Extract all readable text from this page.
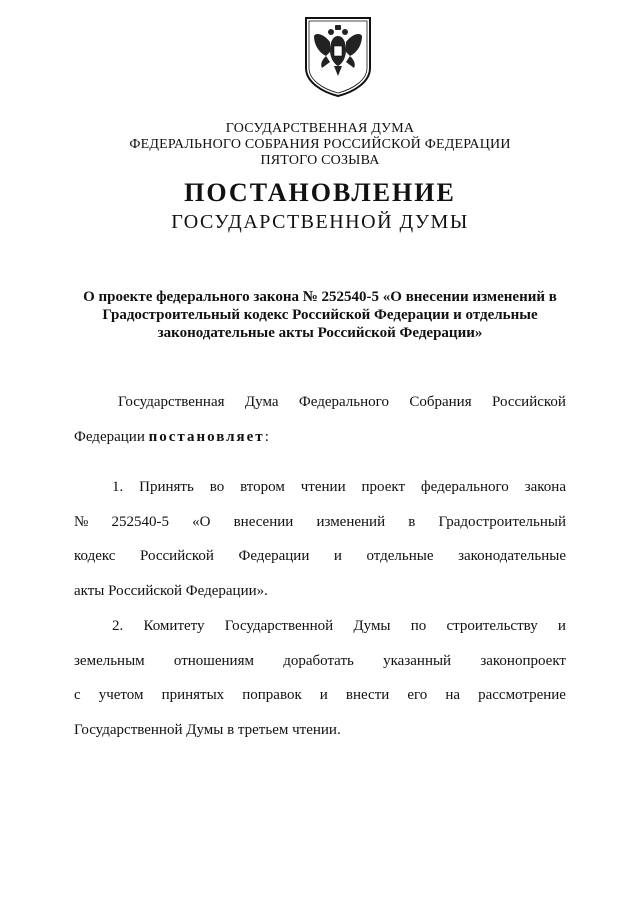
ГОСУДАРСТВЕННАЯ ДУМА
ФЕДЕРАЛЬНОГО СОБРАНИЯ РОССИЙСКОЙ ФЕДЕРАЦИИ
ПЯТОГО СОЗЫВА
ПОСТАНОВЛЕНИЕ
ГОСУДАРСТВЕННОЙ ДУМЫ
О проекте федерального закона № 252540-5 «О внесении изменений в
Градостроительный кодекс Российской Федерации и отдельные
законодательные акты Российской Федерации»
Государственная Дума Федерального Собрания Российской
Федерации постановляет:
1. Принять во втором чтении проект федерального закона
№ 252540-5 «О внесении изменений в Градостроительный
кодекс Российской Федерации и отдельные законодательные
акты Российской Федерации».
2. Комитету Государственной Думы по строительству и
земельным отношениям доработать указанный законопроект
с учетом принятых поправок и внести его на рассмотрение
Государственной Думы в третьем чтении.
